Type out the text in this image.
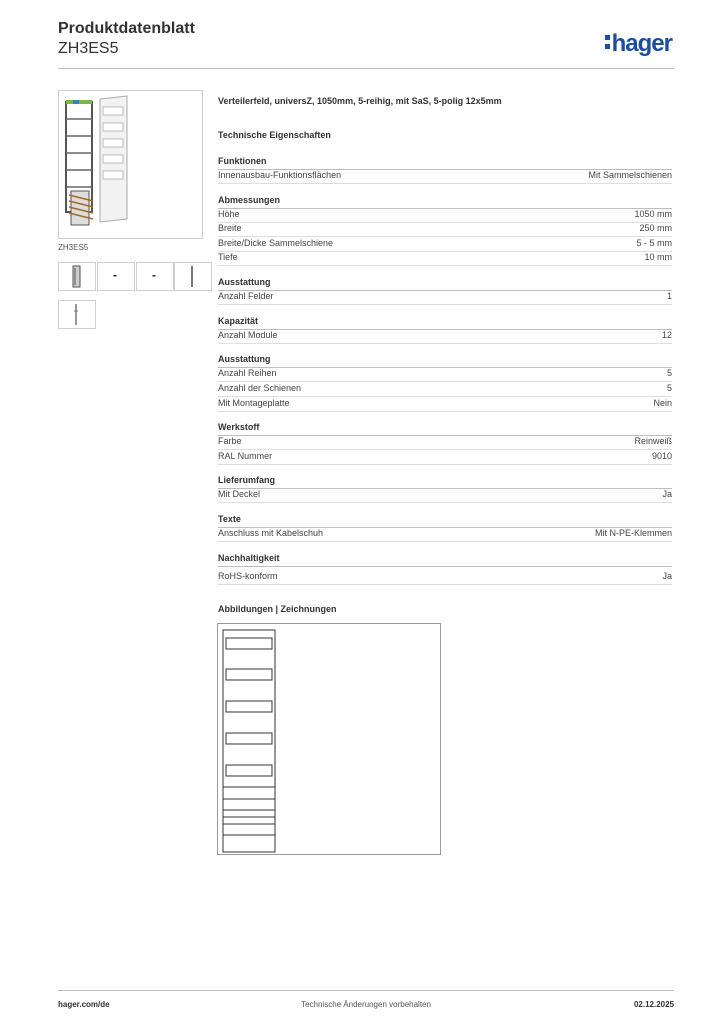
Produktdatenblatt
ZH3ES5	hager
ZH3ES5
-	-
Verteilerfeld, universZ, 1050mm, 5-reihig, mit SaS, 5-polig 12x5mm
Technische Eigenschaften
Funktionen
Innenausbau-Funktionsflächen	Mit Sammelschienen
Abmessungen
Höhe	1050 mm
Breite	250 mm
Breite/Dicke Sammelschiene	5 - 5 mm
Tiefe	10 mm
Ausstattung
Anzahl Felder	1
Kapazität
Anzahl Module	12
Ausstattung
Anzahl Reihen	5
Anzahl der Schienen	5
Mit Montageplatte	Nein
Werkstoff
Farbe	Reinweiß
RAL Nummer	9010
Lieferumfang
Mit Deckel	Ja
Texte
Anschluss mit Kabelschuh	Mit N-PE-Klemmen
Nachhaltigkeit
RoHS-konform	Ja
Abbildungen | Zeichnungen
hager.com/de	Technische Änderungen vorbehalten	02.12.2025
